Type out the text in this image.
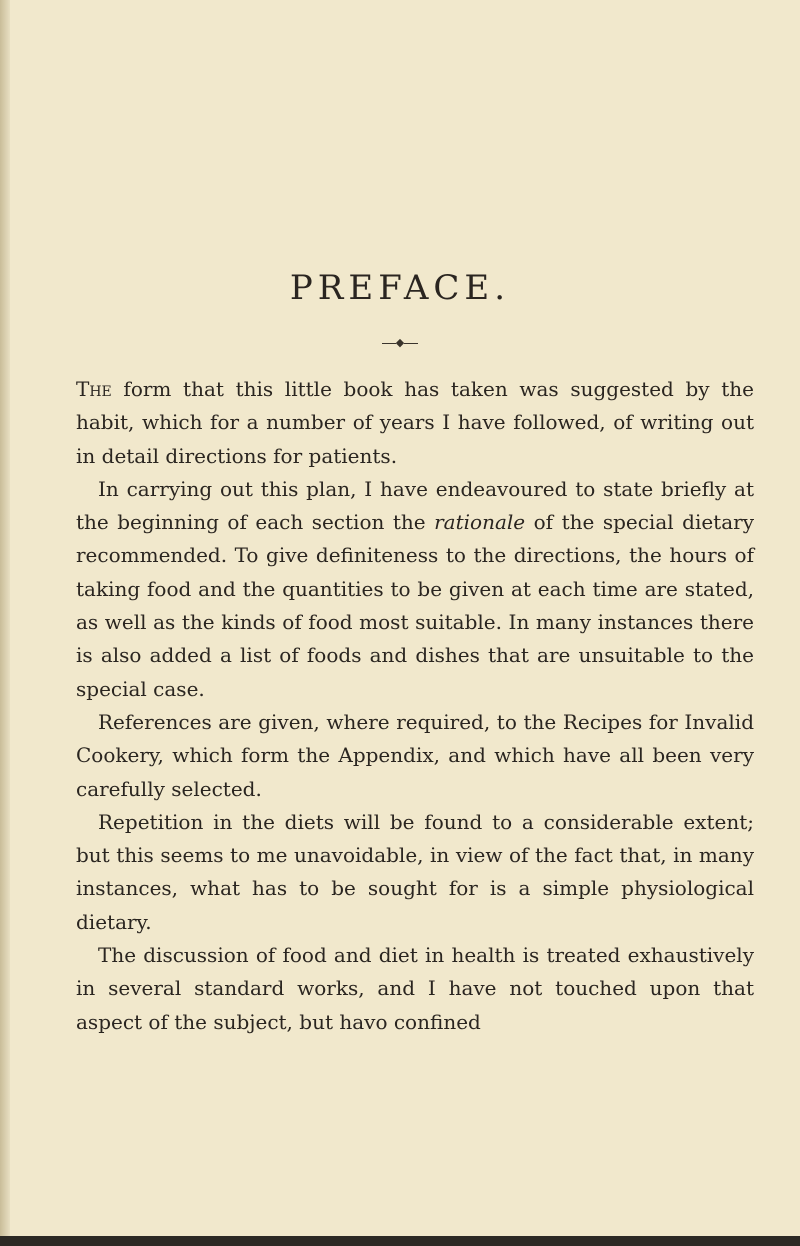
PREFACE.
◆

The form that this little book has taken was suggested by the habit, which for a number of years I have followed, of writing out in detail directions for patients.

In carrying out this plan, I have endeavoured to state briefly at the beginning of each section the rationale of the special dietary recommended. To give definiteness to the directions, the hours of taking food and the quantities to be given at each time are stated, as well as the kinds of food most suitable. In many instances there is also added a list of foods and dishes that are unsuitable to the special case.

References are given, where required, to the Recipes for Invalid Cookery, which form the Appendix, and which have all been very carefully selected.

Repetition in the diets will be found to a considerable extent; but this seems to me unavoidable, in view of the fact that, in many instances, what has to be sought for is a simple physiological dietary.

The discussion of food and diet in health is treated exhaustively in several standard works, and I have not touched upon that aspect of the subject, but havo confined
